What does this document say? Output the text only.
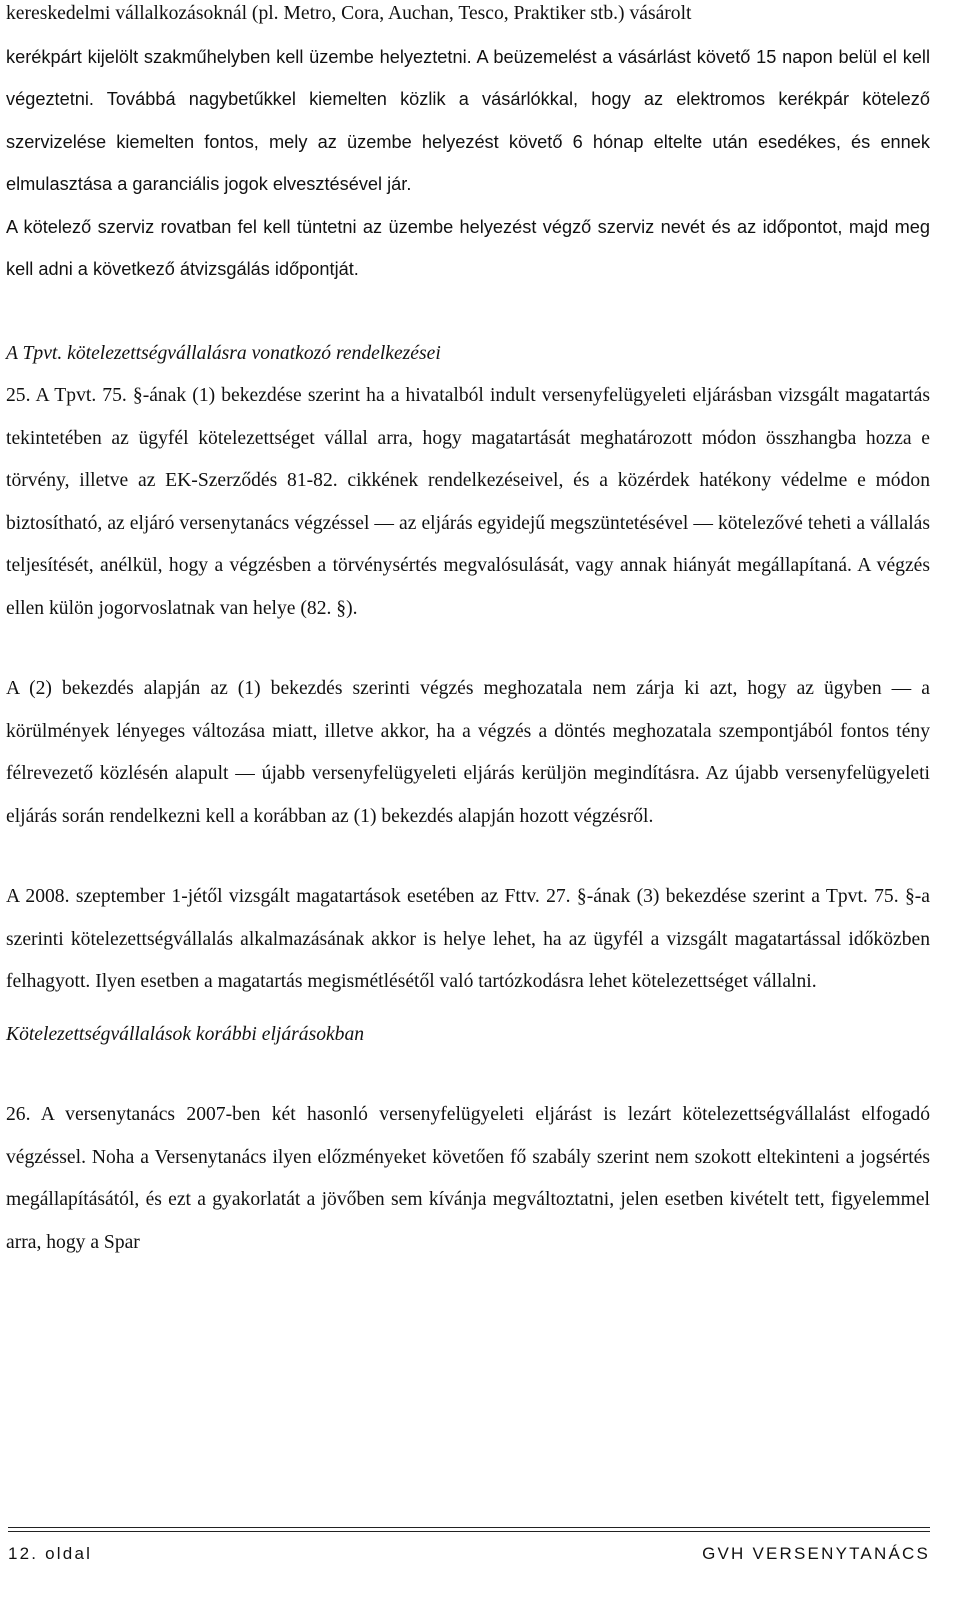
kereskedelmi vállalkozásoknál (pl. Metro, Cora, Auchan, Tesco, Praktiker stb.) vásárolt

kerékpárt kijelölt szakműhelyben kell üzembe helyeztetni. A beüzemelést a vásárlást követő 15 napon belül el kell végeztetni. Továbbá nagybetűkkel kiemelten közlik a vásárlókkal, hogy az elektromos kerékpár kötelező szervizelése kiemelten fontos, mely az üzembe helyezést követő 6 hónap eltelte után esedékes, és ennek elmulasztása a garanciális jogok elvesztésével jár.

A kötelező szerviz rovatban fel kell tüntetni az üzembe helyezést végző szerviz nevét és az időpontot, majd meg kell adni a következő átvizsgálás időpontját.

A Tpvt. kötelezettségvállalásra vonatkozó rendelkezései

25. A Tpvt. 75. §-ának (1) bekezdése szerint ha a hivatalból indult versenyfelügyeleti eljárásban vizsgált magatartás tekintetében az ügyfél kötelezettséget vállal arra, hogy magatartását meghatározott módon összhangba hozza e törvény, illetve az EK-Szerződés 81-82. cikkének rendelkezéseivel, és a közérdek hatékony védelme e módon biztosítható, az eljáró versenytanács végzéssel — az eljárás egyidejű megszüntetésével — kötelezővé teheti a vállalás teljesítését, anélkül, hogy a végzésben a törvénysértés megvalósulását, vagy annak hiányát megállapítaná. A végzés ellen külön jogorvoslatnak van helye (82. §).

A (2) bekezdés alapján az (1) bekezdés szerinti végzés meghozatala nem zárja ki azt, hogy az ügyben — a körülmények lényeges változása miatt, illetve akkor, ha a végzés a döntés meghozatala szempontjából fontos tény félrevezető közlésén alapult — újabb versenyfelügyeleti eljárás kerüljön megindításra. Az újabb versenyfelügyeleti eljárás során rendelkezni kell a korábban az (1) bekezdés alapján hozott végzésről.

A 2008. szeptember 1-jétől vizsgált magatartások esetében az Fttv. 27. §-ának (3) bekezdése szerint a Tpvt. 75. §-a szerinti kötelezettségvállalás alkalmazásának akkor is helye lehet, ha az ügyfél a vizsgált magatartással időközben felhagyott. Ilyen esetben a magatartás megismétlésétől való tartózkodásra lehet kötelezettséget vállalni.

Kötelezettségvállalások korábbi eljárásokban

26. A versenytanács 2007-ben két hasonló versenyfelügyeleti eljárást is lezárt kötelezettségvállalást elfogadó végzéssel. Noha a Versenytanács ilyen előzményeket követően fő szabály szerint nem szokott eltekinteni a jogsértés megállapításától, és ezt a gyakorlatát a jövőben sem kívánja megváltoztatni, jelen esetben kivételt tett, figyelemmel arra, hogy a Spar

12. oldal	GVH VERSENYTANÁCS
